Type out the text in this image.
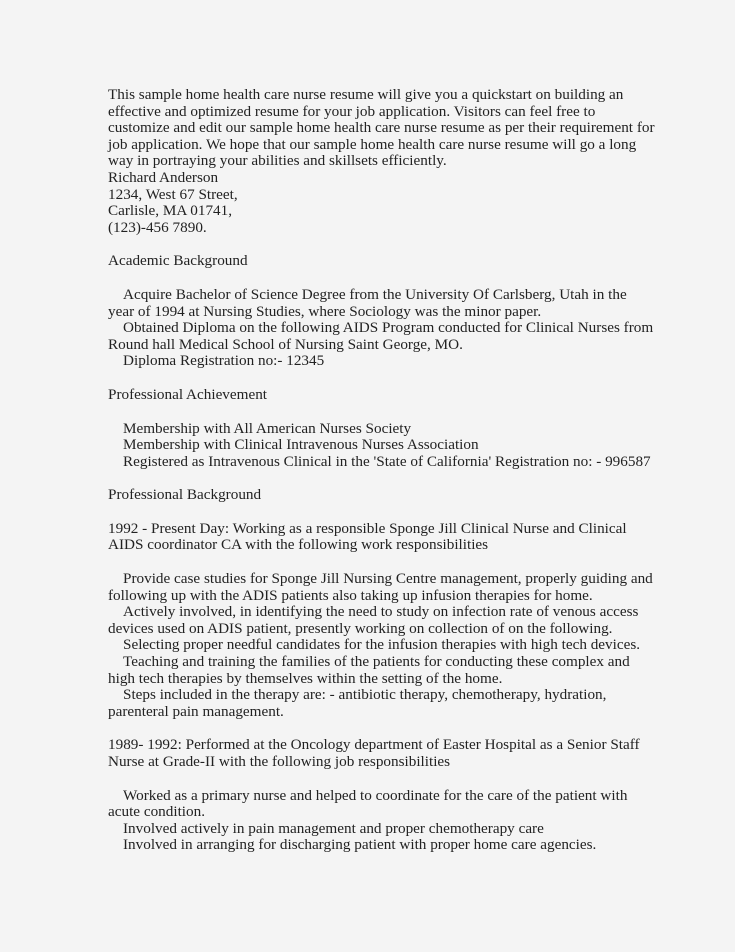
This sample home health care nurse resume will give you a quickstart on building an
effective and optimized resume for your job application. Visitors can feel free to
customize and edit our sample home health care nurse resume as per their requirement for
job application. We hope that our sample home health care nurse resume will go a long
way in portraying your abilities and skillsets efficiently.
Richard Anderson
1234, West 67 Street,
Carlisle, MA 01741,
(123)-456 7890.
Academic Background
Acquire Bachelor of Science Degree from the University Of Carlsberg, Utah in the
year of 1994 at Nursing Studies, where Sociology was the minor paper.
Obtained Diploma on the following AIDS Program conducted for Clinical Nurses from
Round hall Medical School of Nursing Saint George, MO.
Diploma Registration no:- 12345
Professional Achievement
Membership with All American Nurses Society
Membership with Clinical Intravenous Nurses Association
Registered as Intravenous Clinical in the 'State of California' Registration no: - 996587
Professional Background
1992 - Present Day: Working as a responsible Sponge Jill Clinical Nurse and Clinical
AIDS coordinator CA with the following work responsibilities
Provide case studies for Sponge Jill Nursing Centre management, properly guiding and
following up with the ADIS patients also taking up infusion therapies for home.
Actively involved, in identifying the need to study on infection rate of venous access
devices used on ADIS patient, presently working on collection of on the following.
Selecting proper needful candidates for the infusion therapies with high tech devices.
Teaching and training the families of the patients for conducting these complex and
high tech therapies by themselves within the setting of the home.
Steps included in the therapy are: - antibiotic therapy, chemotherapy, hydration,
parenteral pain management.
1989- 1992: Performed at the Oncology department of Easter Hospital as a Senior Staff
Nurse at Grade-II with the following job responsibilities
Worked as a primary nurse and helped to coordinate for the care of the patient with
acute condition.
Involved actively in pain management and proper chemotherapy care
Involved in arranging for discharging patient with proper home care agencies.
